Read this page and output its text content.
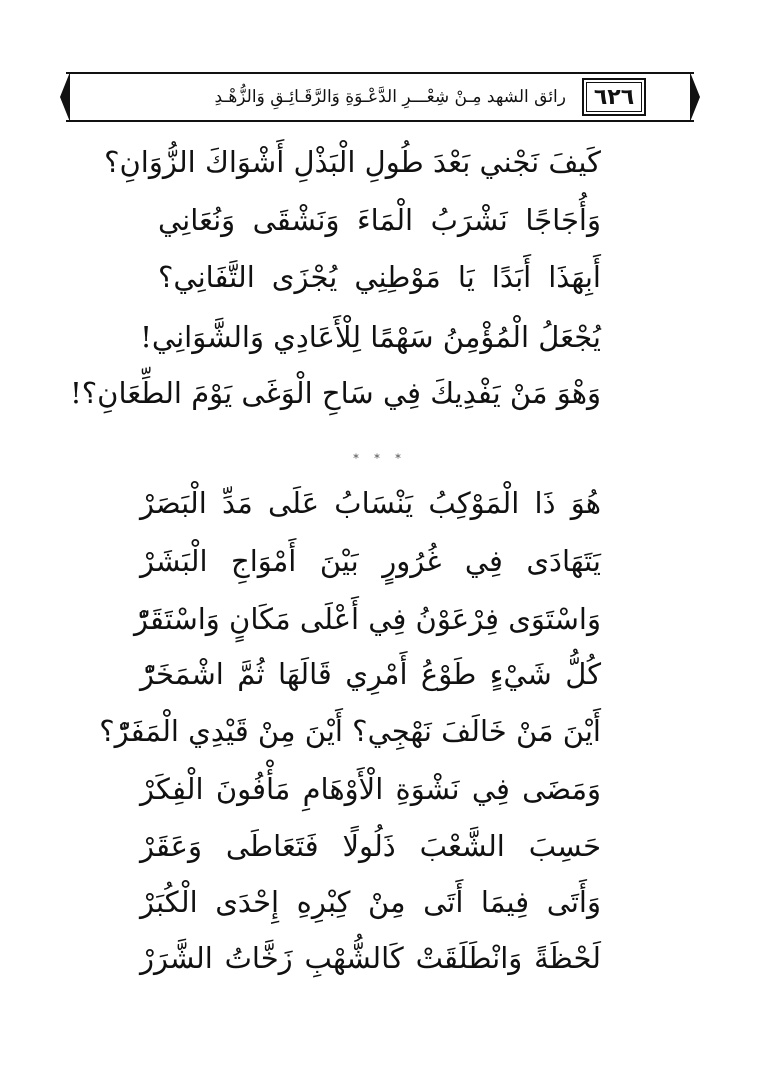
٦٢٦
رائق الشهد مِـنْ شِعْـــرِ الدَّعْـوَةِ وَالرَّقَـائِـقِ وَالزُّهْـدِ
كَيفَ نَجْني بَعْدَ طُولِ الْبَذْلِ أَشْوَاكَ الزُّوَانِ؟
وَأُجَاجًا نَشْرَبُ الْمَاءَ وَنَشْقَى وَنُعَانِي
أَبِهَذَا أَبَدًا يَا مَوْطِنِي يُجْزَى التَّفَانِي؟
يُجْعَلُ الْمُؤْمِنُ سَهْمًا لِلْأَعَادِي وَالشَّوَانِي!
وَهْوَ مَنْ يَفْدِيكَ فِي سَاحِ الْوَغَى يَوْمَ الطِّعَانِ؟!
* * *
هُوَ ذَا الْمَوْكِبُ يَنْسَابُ عَلَى مَدِّ الْبَصَرْ
يَتَهَادَى فِي غُرُورٍ بَيْنَ أَمْوَاجِ الْبَشَرْ
وَاسْتَوَى فِرْعَوْنُ فِي أَعْلَى مَكَانٍ وَاسْتَقَرّْ
كُلُّ شَيْءٍ طَوْعُ أَمْرِي قَالَهَا ثُمَّ اشْمَخَرّْ
أَيْنَ مَنْ خَالَفَ نَهْجِي؟ أَيْنَ مِنْ قَيْدِي الْمَفَرّْ؟
وَمَضَى فِي نَشْوَةِ الْأَوْهَامِ مَأْفُونَ الْفِكَرْ
حَسِبَ الشَّعْبَ ذَلُولًا فَتَعَاطَى وَعَقَرْ
وَأَتَى فِيمَا أَتَى مِنْ كِبْرِهِ إِحْدَى الْكُبَرْ
لَحْظَةً وَانْطَلَقَتْ كَالشُّهْبِ زَخَّاتُ الشَّرَرْ
